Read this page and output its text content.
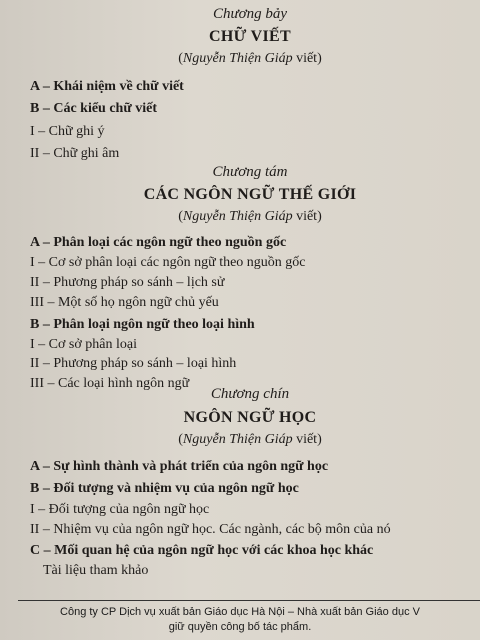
Chương bảy
CHỮ VIẾT
(Nguyễn Thiện Giáp viết)
A – Khái niệm về chữ viết
B – Các kiểu chữ viết
I – Chữ ghi ý
II – Chữ ghi âm
Chương tám
CÁC NGÔN NGỮ THẾ GIỚI
(Nguyễn Thiện Giáp viết)
A – Phân loại các ngôn ngữ theo nguồn gốc
I – Cơ sở phân loại các ngôn ngữ theo nguồn gốc
II – Phương pháp so sánh – lịch sử
III – Một số họ ngôn ngữ chủ yếu
B – Phân loại ngôn ngữ theo loại hình
I – Cơ sở phân loại
II – Phương pháp so sánh – loại hình
III – Các loại hình ngôn ngữ
Chương chín
NGÔN NGỮ HỌC
(Nguyễn Thiện Giáp viết)
A – Sự hình thành và phát triển của ngôn ngữ học
B – Đối tượng và nhiệm vụ của ngôn ngữ học
I – Đối tượng của ngôn ngữ học
II – Nhiệm vụ của ngôn ngữ học. Các ngành, các bộ môn của nó
C – Mối quan hệ của ngôn ngữ học với các khoa học khác
Tài liệu tham khảo
Công ty CP Dịch vụ xuất bản Giáo dục Hà Nội – Nhà xuất bản Giáo dục V
giữ quyền công bố tác phẩm.
